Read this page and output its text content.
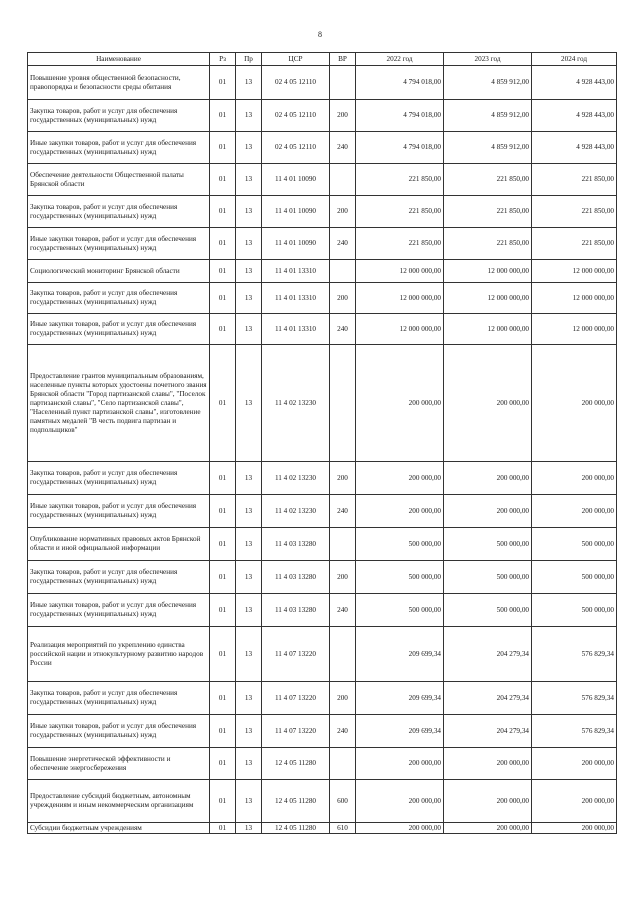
8
Наименование	Рз	Пр	ЦСР	ВР	2022 год	2023 год	2024 год
Повышение уровня общественной безопасности, правопорядка и безопасности среды обитания	01	13	02 4 05 12110		4 794 018,00	4 859 912,00	4 928 443,00
Закупка товаров, работ и услуг для обеспечения государственных (муниципальных) нужд	01	13	02 4 05 12110	200	4 794 018,00	4 859 912,00	4 928 443,00
Иные закупки товаров, работ и услуг для обеспечения государственных (муниципальных) нужд	01	13	02 4 05 12110	240	4 794 018,00	4 859 912,00	4 928 443,00
Обеспечение деятельности Общественной палаты Брянской области	01	13	11 4 01 10090		221 850,00	221 850,00	221 850,00
Закупка товаров, работ и услуг для обеспечения государственных (муниципальных) нужд	01	13	11 4 01 10090	200	221 850,00	221 850,00	221 850,00
Иные закупки товаров, работ и услуг для обеспечения государственных (муниципальных) нужд	01	13	11 4 01 10090	240	221 850,00	221 850,00	221 850,00
Социологический мониторинг Брянской области	01	13	11 4 01 13310		12 000 000,00	12 000 000,00	12 000 000,00
Закупка товаров, работ и услуг для обеспечения государственных (муниципальных) нужд	01	13	11 4 01 13310	200	12 000 000,00	12 000 000,00	12 000 000,00
Иные закупки товаров, работ и услуг для обеспечения государственных (муниципальных) нужд	01	13	11 4 01 13310	240	12 000 000,00	12 000 000,00	12 000 000,00
Предоставление грантов муниципальным образованиям, населенные пункты которых удостоены почетного звания Брянской области "Город партизанской славы", "Поселок партизанской славы", "Село партизанской славы", "Населенный пункт партизанской славы", изготовление памятных медалей "В честь подвига партизан и подпольщиков"	01	13	11 4 02 13230		200 000,00	200 000,00	200 000,00
Закупка товаров, работ и услуг для обеспечения государственных (муниципальных) нужд	01	13	11 4 02 13230	200	200 000,00	200 000,00	200 000,00
Иные закупки товаров, работ и услуг для обеспечения государственных (муниципальных) нужд	01	13	11 4 02 13230	240	200 000,00	200 000,00	200 000,00
Опубликование нормативных правовых актов Брянской области и иной официальной информации	01	13	11 4 03 13280		500 000,00	500 000,00	500 000,00
Закупка товаров, работ и услуг для обеспечения государственных (муниципальных) нужд	01	13	11 4 03 13280	200	500 000,00	500 000,00	500 000,00
Иные закупки товаров, работ и услуг для обеспечения государственных (муниципальных) нужд	01	13	11 4 03 13280	240	500 000,00	500 000,00	500 000,00
Реализация мероприятий по укреплению единства российской нации и этнокультурному развитию народов России	01	13	11 4 07 13220		209 699,34	204 279,34	576 829,34
Закупка товаров, работ и услуг для обеспечения государственных (муниципальных) нужд	01	13	11 4 07 13220	200	209 699,34	204 279,34	576 829,34
Иные закупки товаров, работ и услуг для обеспечения государственных (муниципальных) нужд	01	13	11 4 07 13220	240	209 699,34	204 279,34	576 829,34
Повышение энергетической эффективности и обеспечение энергосбережения	01	13	12 4 05 11280		200 000,00	200 000,00	200 000,00
Предоставление субсидий бюджетным, автономным учреждениям и иным некоммерческим организациям	01	13	12 4 05 11280	600	200 000,00	200 000,00	200 000,00
Субсидии бюджетным учреждениям	01	13	12 4 05 11280	610	200 000,00	200 000,00	200 000,00
